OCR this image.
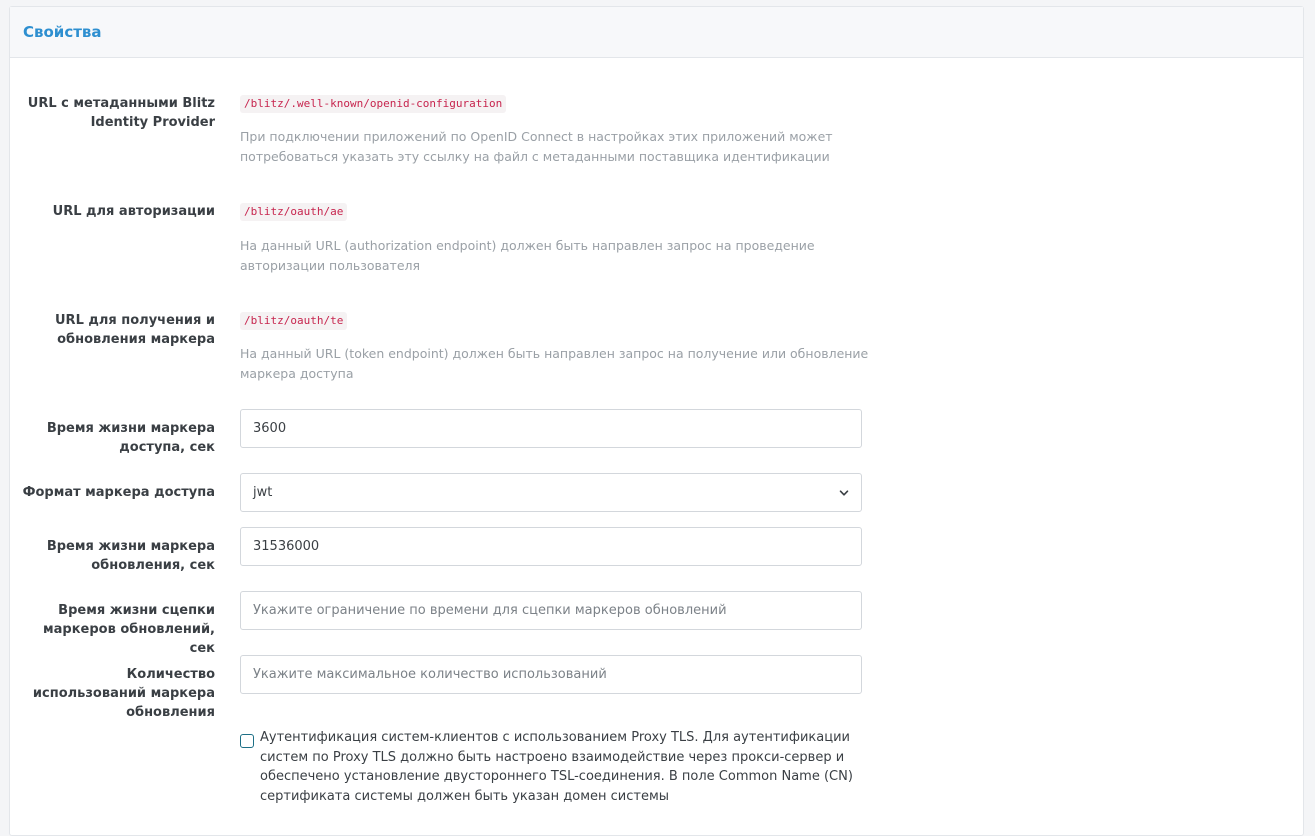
Свойства
URL с метаданными Blitz Identity Provider
/blitz/.well-known/openid-configuration
При подключении приложений по OpenID Connect в настройках этих приложений может потребоваться указать эту ссылку на файл с метаданными поставщика идентификации
URL для авторизации	/blitz/oauth/ae
На данный URL (authorization endpoint) должен быть направлен запрос на проведение авторизации пользователя
URL для получения и обновления маркера
/blitz/oauth/te
На данный URL (token endpoint) должен быть направлен запрос на получение или обновление маркера доступа
Время жизни маркера доступа, сек
3600
Формат маркера доступа	jwt
Время жизни маркера обновления, сек
31536000
Время жизни сцепки маркеров обновлений, сек
Укажите ограничение по времени для сцепки маркеров обновлений
Количество использований маркера обновления
Укажите максимальное количество использований
Аутентификация систем-клиентов с использованием Proxy TLS. Для аутентификации систем по Proxy TLS должно быть настроено взаимодействие через прокси-сервер и обеспечено установление двустороннего TSL-соединения. В поле Common Name (CN) сертификата системы должен быть указан домен системы
